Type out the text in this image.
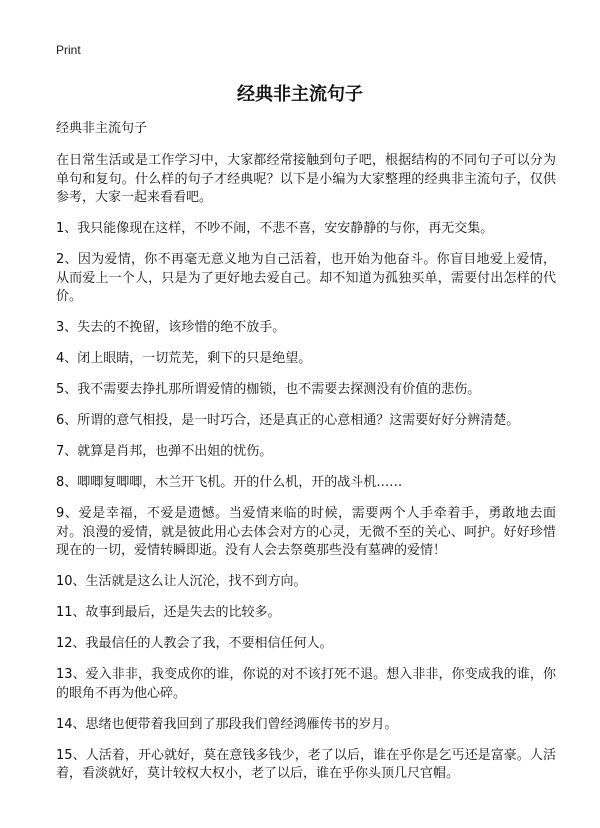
Print
经典非主流句子

经典非主流句子

在日常生活或是工作学习中，大家都经常接触到句子吧，根据结构的不同句子可以分为单句和复句。什么样的句子才经典呢？以下是小编为大家整理的经典非主流句子，仅供参考，大家一起来看看吧。

1、我只能像现在这样，不吵不闹，不悲不喜，安安静静的与你，再无交集。

2、因为爱情，你不再毫无意义地为自己活着，也开始为他奋斗。你盲目地爱上爱情，从而爱上一个人，只是为了更好地去爱自己。却不知道为孤独买单，需要付出怎样的代价。

3、失去的不挽留，该珍惜的绝不放手。

4、闭上眼睛，一切荒芜，剩下的只是绝望。

5、我不需要去挣扎那所谓爱情的枷锁，也不需要去探测没有价值的悲伤。

6、所谓的意气相投，是一时巧合，还是真正的心意相通？这需要好好分辨清楚。

7、就算是肖邦，也弹不出姐的忧伤。

8、唧唧复唧唧，木兰开飞机。开的什么机，开的战斗机……

9、爱是幸福，不爱是遗憾。当爱情来临的时候，需要两个人手牵着手，勇敢地去面对。浪漫的爱情，就是彼此用心去体会对方的心灵，无微不至的关心、呵护。好好珍惜现在的一切，爱情转瞬即逝。没有人会去祭奠那些没有墓碑的爱情！

10、生活就是这么让人沉沦，找不到方向。

11、故事到最后，还是失去的比较多。

12、我最信任的人教会了我，不要相信任何人。

13、爱入非非，我变成你的谁，你说的对不该打死不退。想入非非，你变成我的谁，你的眼角不再为他心碎。

14、思绪也便带着我回到了那段我们曾经鸿雁传书的岁月。

15、人活着，开心就好，莫在意钱多钱少，老了以后，谁在乎你是乞丐还是富豪。人活着，看淡就好，莫计较权大权小，老了以后，谁在乎你头顶几尺官帽。
